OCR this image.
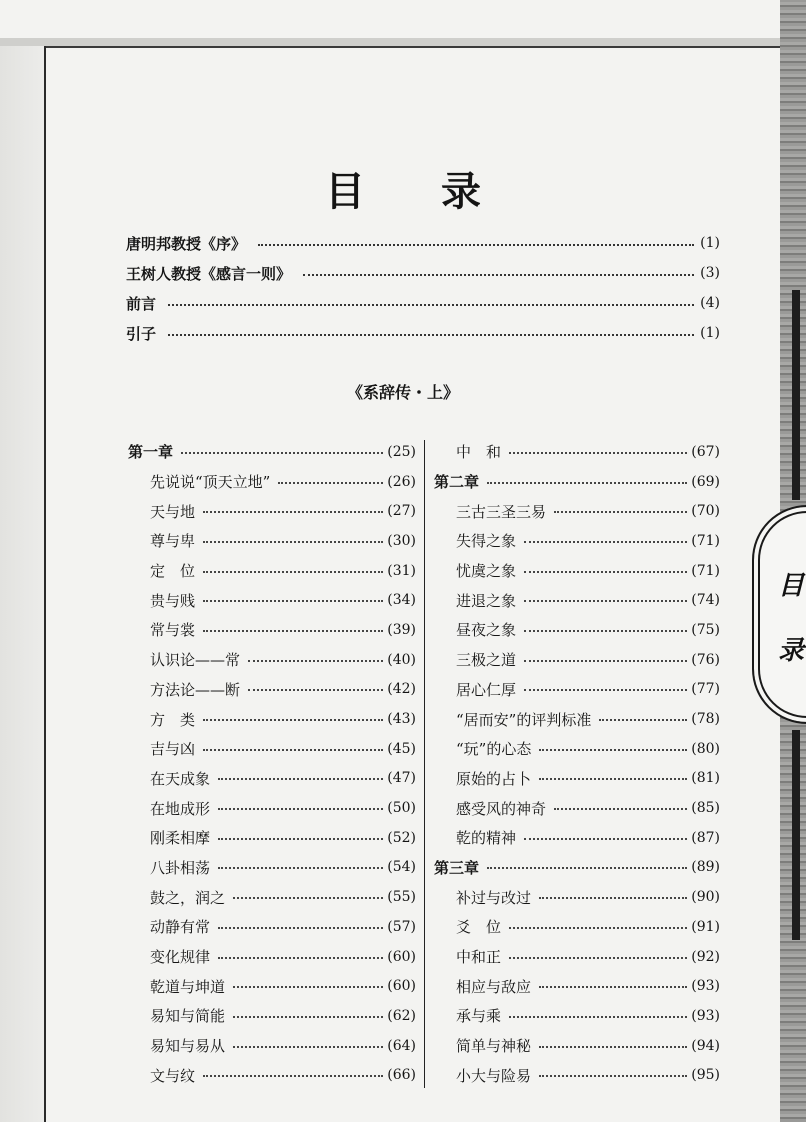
目
录
目 录
唐明邦教授《序》	(1)
王树人教授《感言一则》	(3)
前言	(4)
引子	(1)
《系辞传・上》
第一章	(25)
先说说“顶天立地”	(26)
天与地	(27)
尊与卑	(30)
定　位	(31)
贵与贱	(34)
常与裳	(39)
认识论——常	(40)
方法论——断	(42)
方　类	(43)
吉与凶	(45)
在天成象	(47)
在地成形	(50)
刚柔相摩	(52)
八卦相荡	(54)
鼓之，润之	(55)
动静有常	(57)
变化规律	(60)
乾道与坤道	(60)
易知与简能	(62)
易知与易从	(64)
文与纹	(66)
中　和	(67)
第二章	(69)
三古三圣三易	(70)
失得之象	(71)
忧虞之象	(71)
进退之象	(74)
昼夜之象	(75)
三极之道	(76)
居心仁厚	(77)
“居而安”的评判标准	(78)
“玩”的心态	(80)
原始的占卜	(81)
感受风的神奇	(85)
乾的精神	(87)
第三章	(89)
补过与改过	(90)
爻　位	(91)
中和正	(92)
相应与敌应	(93)
承与乘	(93)
简单与神秘	(94)
小大与险易	(95)
